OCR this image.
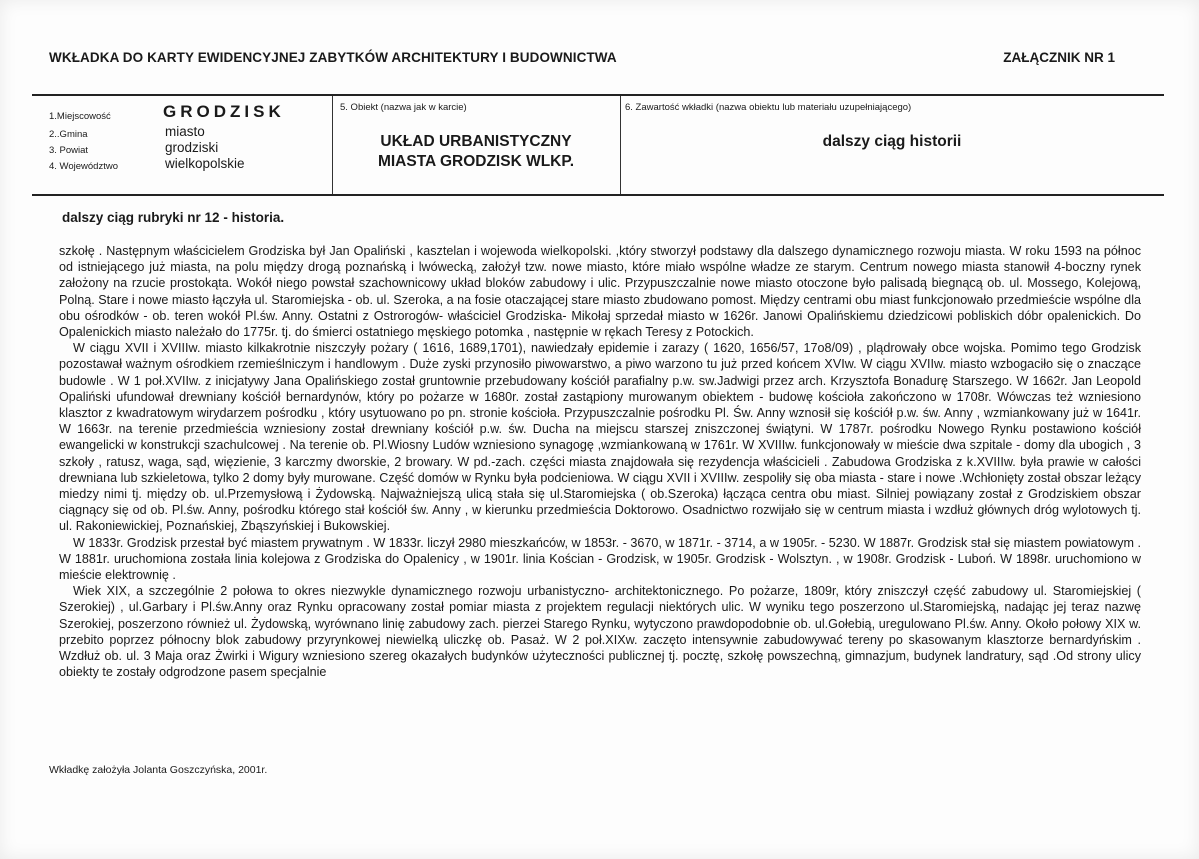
WKŁADKA DO KARTY EWIDENCYJNEJ ZABYTKÓW ARCHITEKTURY I BUDOWNICTWA	ZAŁĄCZNIK NR 1
1.Miejscowość	GRODZISK
2..Gmina	miasto
3. Powiat	grodziski
4. Województwo	wielkopolskie
5. Obiekt (nazwa jak w karcie)
UKŁAD URBANISTYCZNY
MIASTA GRODZISK WLKP.
6. Zawartość wkładki (nazwa obiektu lub materiału uzupełniającego)
dalszy ciąg historii
dalszy ciąg rubryki nr 12 - historia.

szkołę . Następnym właścicielem Grodziska był Jan Opaliński , kasztelan i wojewoda wielkopolski. ,który stworzył podstawy dla dalszego dynamicznego rozwoju miasta. W roku 1593 na północ od istniejącego już miasta, na polu między drogą poznańską i lwówecką, założył tzw. nowe miasto, które miało wspólne władze ze starym. Centrum nowego miasta stanowił 4-boczny rynek założony na rzucie prostokąta. Wokół niego powstał szachownicowy układ bloków zabudowy i ulic. Przypuszczalnie nowe miasto otoczone było palisadą biegnącą ob. ul. Mossego, Kolejową, Polną. Stare i nowe miasto łączyła ul. Staromiejska - ob. ul. Szeroka, a na fosie otaczającej stare miasto zbudowano pomost. Między centrami obu miast funkcjonowało przedmieście wspólne dla obu ośrodków - ob. teren wokół Pl.św. Anny. Ostatni z Ostrorogów- właściciel Grodziska- Mikołaj sprzedał miasto w 1626r. Janowi Opalińskiemu dziedzicowi pobliskich dóbr opalenickich. Do Opalenickich miasto należało do 1775r. tj. do śmierci ostatniego męskiego potomka , następnie w rękach Teresy z Potockich.

W ciągu XVII i XVIIIw. miasto kilkakrotnie niszczyły pożary ( 1616, 1689,1701), nawiedzały epidemie i zarazy ( 1620, 1656/57, 17o8/09) , plądrowały obce wojska. Pomimo tego Grodzisk pozostawał ważnym ośrodkiem rzemieślniczym i handlowym . Duże zyski przynosiło piwowarstwo, a piwo warzono tu już przed końcem XVIw. W ciągu XVIIw. miasto wzbogaciło się o znaczące budowle . W 1 poł.XVIIw. z inicjatywy Jana Opalińskiego został gruntownie przebudowany kościół parafialny p.w. sw.Jadwigi przez arch. Krzysztofa Bonadurę Starszego. W 1662r. Jan Leopold Opaliński ufundował drewniany kościół bernardynów, który po pożarze w 1680r. został zastąpiony murowanym obiektem - budowę kościoła zakończono w 1708r. Wówczas też wzniesiono klasztor z kwadratowym wirydarzem pośrodku , który usytuowano po pn. stronie kościoła. Przypuszczalnie pośrodku Pl. Św. Anny wznosił się kościół p.w. św. Anny , wzmiankowany już w 1641r. W 1663r. na terenie przedmieścia wzniesiony został drewniany kościół p.w. św. Ducha na miejscu starszej zniszczonej świątyni. W 1787r. pośrodku Nowego Rynku postawiono kościół ewangelicki w konstrukcji szachulcowej . Na terenie ob. Pl.Wiosny Ludów wzniesiono synagogę ,wzmiankowaną w 1761r. W XVIIIw. funkcjonowały w mieście dwa szpitale - domy dla ubogich , 3 szkoły , ratusz, waga, sąd, więzienie, 3 karczmy dworskie, 2 browary. W pd.-zach. części miasta znajdowała się rezydencja właścicieli . Zabudowa Grodziska z k.XVIIIw. była prawie w całości drewniana lub szkieletowa, tylko 2 domy były murowane. Część domów w Rynku była podcieniowa. W ciągu XVII i XVIIIw. zespoliły się oba miasta - stare i nowe .Wchłonięty został obszar leżący miedzy nimi tj. między ob. ul.Przemysłową i Żydowską. Najważniejszą ulicą stała się ul.Staromiejska ( ob.Szeroka) łącząca centra obu miast. Silniej powiązany został z Grodziskiem obszar ciągnący się od ob. Pl.św. Anny, pośrodku którego stał kościół św. Anny , w kierunku przedmieścia Doktorowo. Osadnictwo rozwijało się w centrum miasta i wzdłuż głównych dróg wylotowych tj. ul. Rakoniewickiej, Poznańskiej, Zbąszyńskiej i Bukowskiej.

W 1833r. Grodzisk przestał być miastem prywatnym . W 1833r. liczył 2980 mieszkańców, w 1853r. - 3670, w 1871r. - 3714, a w 1905r. - 5230. W 1887r. Grodzisk stał się miastem powiatowym . W 1881r. uruchomiona została linia kolejowa z Grodziska do Opalenicy , w 1901r. linia Kościan - Grodzisk, w 1905r. Grodzisk - Wolsztyn. , w 1908r. Grodzisk - Luboń. W 1898r. uruchomiono w mieście elektrownię .

Wiek XIX, a szczególnie 2 połowa to okres niezwykle dynamicznego rozwoju urbanistyczno- architektonicznego. Po pożarze, 1809r, który zniszczył część zabudowy ul. Staromiejskiej ( Szerokiej) , ul.Garbary i Pl.św.Anny oraz Rynku opracowany został pomiar miasta z projektem regulacji niektórych ulic. W wyniku tego poszerzono ul.Staromiejską, nadając jej teraz nazwę Szerokiej, poszerzono również ul. Żydowską, wyrównano linię zabudowy zach. pierzei Starego Rynku, wytyczono prawdopodobnie ob. ul.Gołebią, uregulowano Pl.św. Anny. Około połowy XIX w. przebito poprzez północny blok zabudowy przyrynkowej niewielką uliczkę ob. Pasaż. W 2 poł.XIXw. zaczęto intensywnie zabudowywać tereny po skasowanym klasztorze bernardyńskim . Wzdłuż ob. ul. 3 Maja oraz Żwirki i Wigury wzniesiono szereg okazałych budynków użyteczności publicznej tj. pocztę, szkołę powszechną, gimnazjum, budynek landratury, sąd .Od strony ulicy obiekty te zostały odgrodzone pasem specjalnie

Wkładkę założyła Jolanta Goszczyńska, 2001r.
